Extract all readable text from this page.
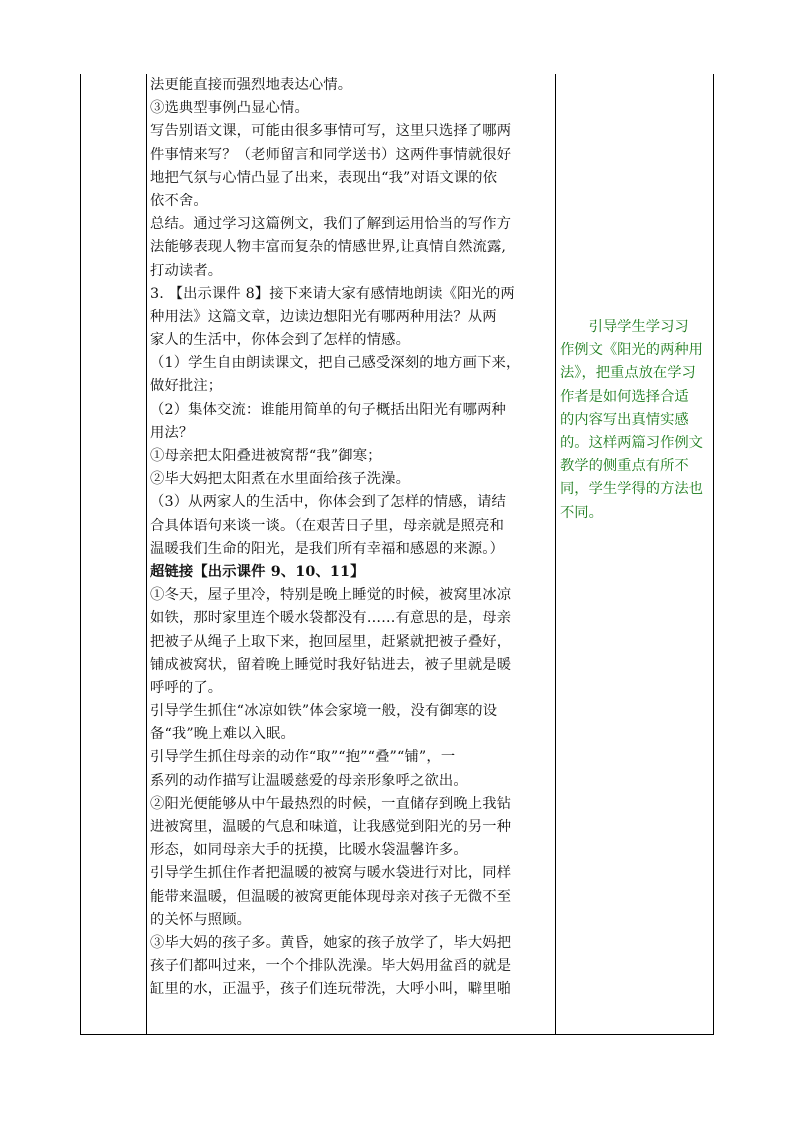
法更能直接而强烈地表达心情。
③选典型事例凸显心情。
写告别语文课，可能由很多事情可写，这里只选择了哪两
件事情来写？（老师留言和同学送书）这两件事情就很好
地把气氛与心情凸显了出来，表现出“我”对语文课的依
依不舍。
总结。通过学习这篇例文，我们了解到运用恰当的写作方
法能够表现人物丰富而复杂的情感世界,让真情自然流露,
打动读者。
3. 【出示课件 8】接下来请大家有感情地朗读《阳光的两
种用法》这篇文章，边读边想阳光有哪两种用法？从两
家人的生活中，你体会到了怎样的情感。
（1）学生自由朗读课文，把自己感受深刻的地方画下来，
做好批注；
（2）集体交流：谁能用简单的句子概括出阳光有哪两种
用法？
①母亲把太阳叠进被窝帮“我”御寒；
②毕大妈把太阳煮在水里面给孩子洗澡。
（3）从两家人的生活中，你体会到了怎样的情感，请结
合具体语句来谈一谈。（在艰苦日子里，母亲就是照亮和
温暖我们生命的阳光，是我们所有幸福和感恩的来源。）
超链接【出示课件 9、10、11】
①冬天，屋子里冷，特别是晚上睡觉的时候，被窝里冰凉
如铁，那时家里连个暖水袋都没有……有意思的是，母亲
把被子从绳子上取下来，抱回屋里，赶紧就把被子叠好，
铺成被窝状，留着晚上睡觉时我好钻进去，被子里就是暖
呼呼的了。
引导学生抓住“冰凉如铁”体会家境一般，没有御寒的设
备“我”晚上难以入眠。
引导学生抓住母亲的动作“取”“抱”“叠”“铺”，一
系列的动作描写让温暖慈爱的母亲形象呼之欲出。
②阳光便能够从中午最热烈的时候，一直储存到晚上我钻
进被窝里，温暖的气息和味道，让我感觉到阳光的另一种
形态，如同母亲大手的抚摸，比暖水袋温馨许多。
引导学生抓住作者把温暖的被窝与暖水袋进行对比，同样
能带来温暖，但温暖的被窝更能体现母亲对孩子无微不至
的关怀与照顾。
③毕大妈的孩子多。黄昏，她家的孩子放学了，毕大妈把
孩子们都叫过来，一个个排队洗澡。毕大妈用盆舀的就是
缸里的水，正温乎，孩子们连玩带洗，大呼小叫，噼里啪
　　引导学生学习习
作例文《阳光的两种用
法》，把重点放在学习
作者是如何选择合适
的内容写出真情实感
的。这样两篇习作例文
教学的侧重点有所不
同，学生学得的方法也
不同。
